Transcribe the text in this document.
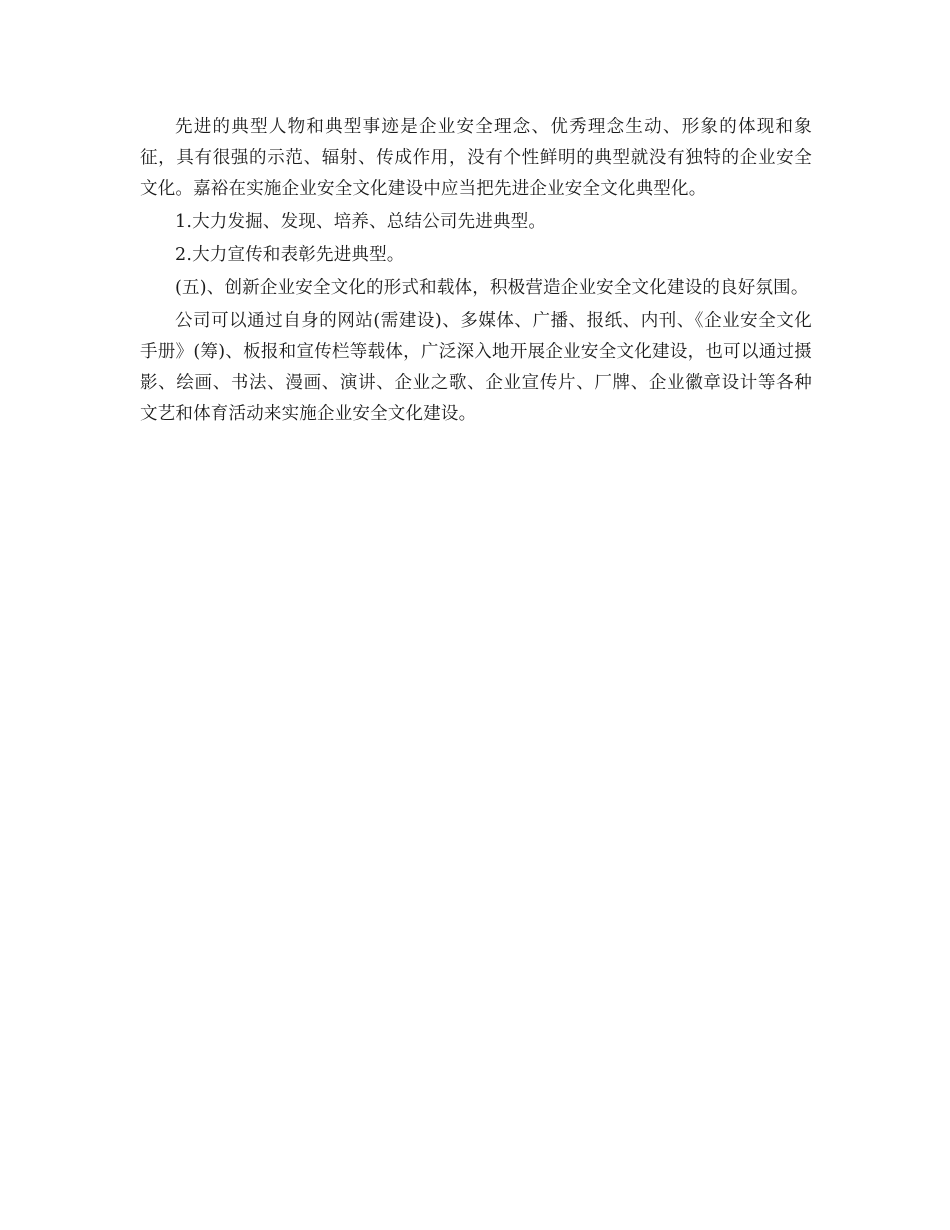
先进的典型人物和典型事迹是企业安全理念、优秀理念生动、形象的体现和象征，具有很强的示范、辐射、传成作用，没有个性鲜明的典型就没有独特的企业安全文化。嘉裕在实施企业安全文化建设中应当把先进企业安全文化典型化。

1.大力发掘、发现、培养、总结公司先进典型。

2.大力宣传和表彰先进典型。

(五)、创新企业安全文化的形式和载体，积极营造企业安全文化建设的良好氛围。

公司可以通过自身的网站(需建设)、多媒体、广播、报纸、内刊、《企业安全文化手册》(筹)、板报和宣传栏等载体，广泛深入地开展企业安全文化建设，也可以通过摄影、绘画、书法、漫画、演讲、企业之歌、企业宣传片、厂牌、企业徽章设计等各种文艺和体育活动来实施企业安全文化建设。
